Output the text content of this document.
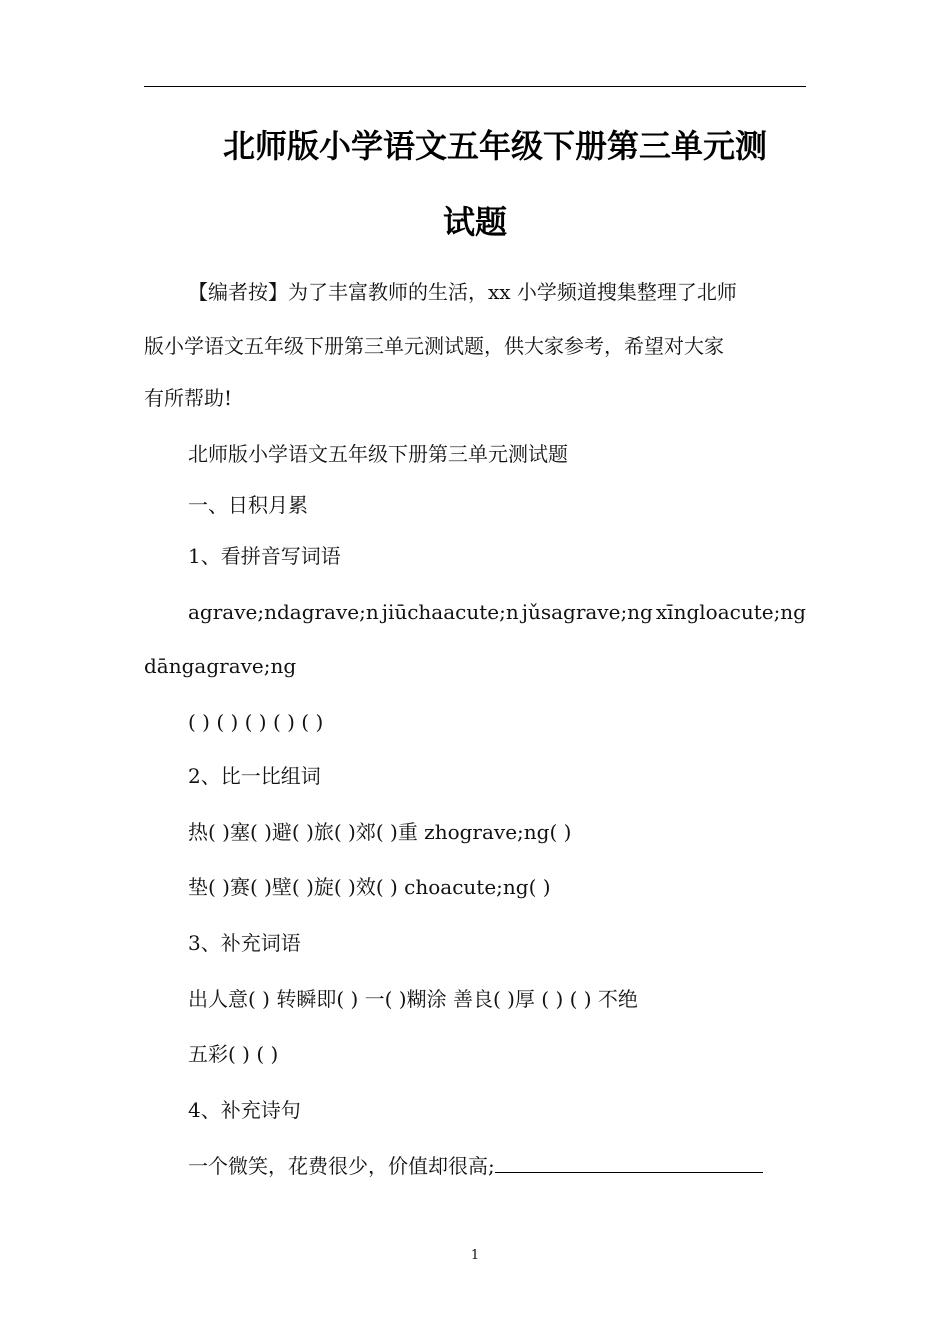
北师版小学语文五年级下册第三单元测
试题
【编者按】为了丰富教师的生活，xx 小学频道搜集整理了北师
版小学语文五年级下册第三单元测试题，供大家参考，希望对大家
有所帮助!
北师版小学语文五年级下册第三单元测试题
一、日积月累
1、看拼音写词语
agrave;ndagrave;n jiūchaacute;n jǔsagrave;ng xīngloacute;ng
dāngagrave;ng
( ) ( ) ( ) ( ) ( )
2、比一比组词
热( )塞( )避( )旅( )郊( )重 zhograve;ng( )
垫( )赛( )壁( )旋( )效( ) choacute;ng( )
3、补充词语
出人意( ) 转瞬即( ) 一( )糊涂 善良( )厚 ( ) ( ) 不绝
五彩( ) ( )
4、补充诗句
一个微笑，花费很少，价值却很高;
1
